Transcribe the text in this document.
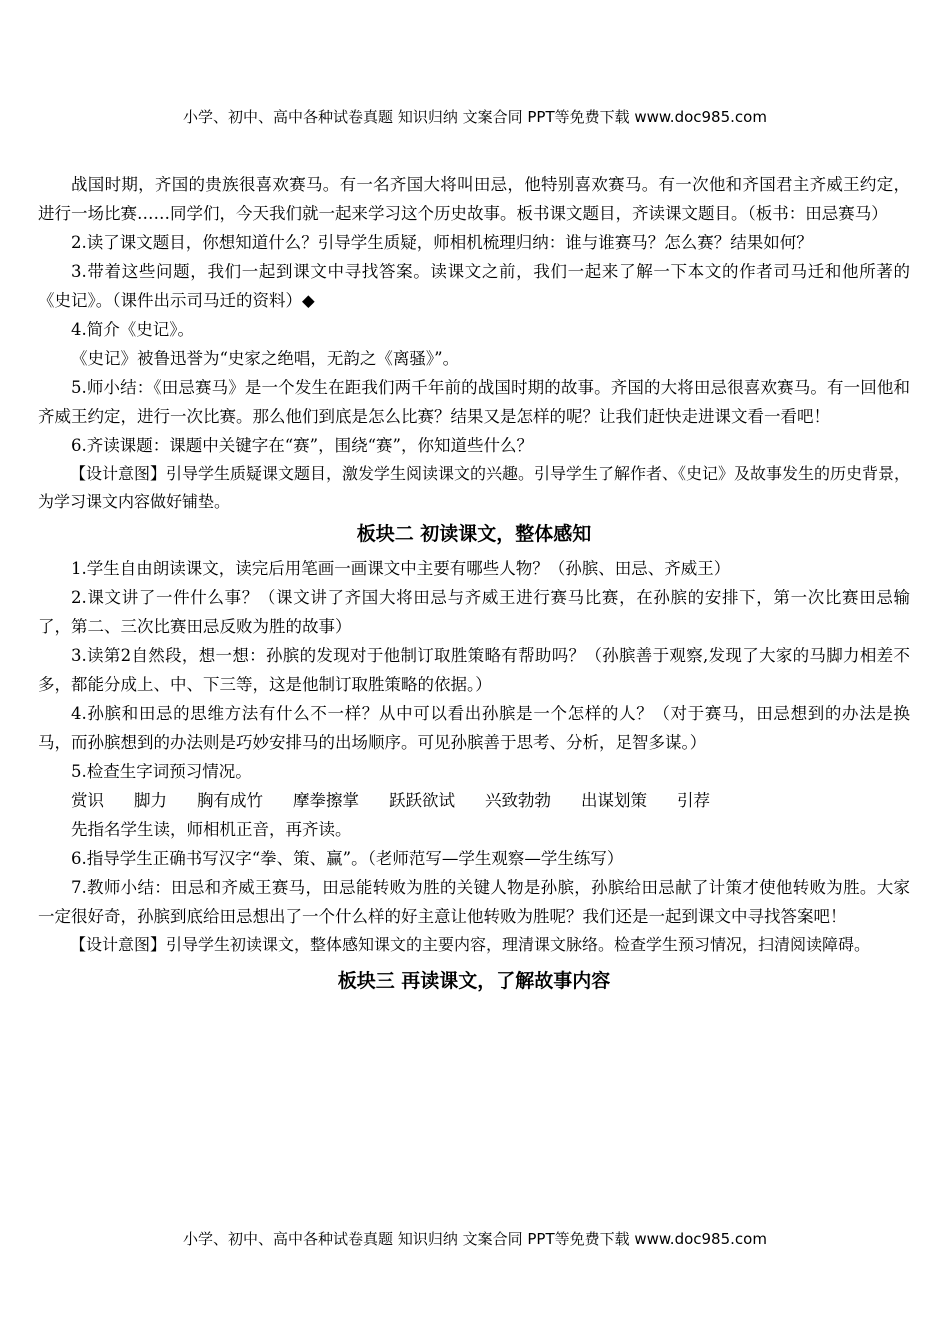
小学、初中、高中各种试卷真题 知识归纳 文案合同 PPT等免费下载 www.doc985.com

战国时期，齐国的贵族很喜欢赛马。有一名齐国大将叫田忌，他特别喜欢赛马。有一次他和齐国君主齐威王约定，进行一场比赛……同学们，今天我们就一起来学习这个历史故事。板书课文题目，齐读课文题目。（板书：田忌赛马）

2.读了课文题目，你想知道什么？引导学生质疑，师相机梳理归纳：谁与谁赛马？怎么赛？结果如何？

3.带着这些问题，我们一起到课文中寻找答案。读课文之前，我们一起来了解一下本文的作者司马迁和他所著的《史记》。（课件出示司马迁的资料）◆

4.简介《史记》。

《史记》被鲁迅誉为“史家之绝唱，无韵之《离骚》”。

5.师小结：《田忌赛马》是一个发生在距我们两千年前的战国时期的故事。齐国的大将田忌很喜欢赛马。有一回他和齐威王约定，进行一次比赛。那么他们到底是怎么比赛？结果又是怎样的呢？让我们赶快走进课文看一看吧！

6.齐读课题：课题中关键字在“赛”，围绕“赛”，你知道些什么？

【设计意图】引导学生质疑课文题目，激发学生阅读课文的兴趣。引导学生了解作者、《史记》及故事发生的历史背景，为学习课文内容做好铺垫。

板块二 初读课文，整体感知

1.学生自由朗读课文，读完后用笔画一画课文中主要有哪些人物？（孙膑、田忌、齐威王）

2.课文讲了一件什么事？（课文讲了齐国大将田忌与齐威王进行赛马比赛，在孙膑的安排下，第一次比赛田忌输了，第二、三次比赛田忌反败为胜的故事）

3.读第2自然段，想一想：孙膑的发现对于他制订取胜策略有帮助吗？（孙膑善于观察,发现了大家的马脚力相差不多，都能分成上、中、下三等，这是他制订取胜策略的依据。）

4.孙膑和田忌的思维方法有什么不一样？从中可以看出孙膑是一个怎样的人？（对于赛马，田忌想到的办法是换马，而孙膑想到的办法则是巧妙安排马的出场顺序。可见孙膑善于思考、分析，足智多谋。）

5.检查生字词预习情况。

赏识 脚力 胸有成竹 摩拳擦掌 跃跃欲试 兴致勃勃 出谋划策 引荐

先指名学生读，师相机正音，再齐读。

6.指导学生正确书写汉字“拳、策、赢”。（老师范写—学生观察—学生练写）

7.教师小结：田忌和齐威王赛马，田忌能转败为胜的关键人物是孙膑，孙膑给田忌献了计策才使他转败为胜。大家一定很好奇，孙膑到底给田忌想出了一个什么样的好主意让他转败为胜呢？我们还是一起到课文中寻找答案吧！

【设计意图】引导学生初读课文，整体感知课文的主要内容，理清课文脉络。检查学生预习情况，扫清阅读障碍。

板块三 再读课文，了解故事内容
小学、初中、高中各种试卷真题 知识归纳 文案合同 PPT等免费下载 www.doc985.com
